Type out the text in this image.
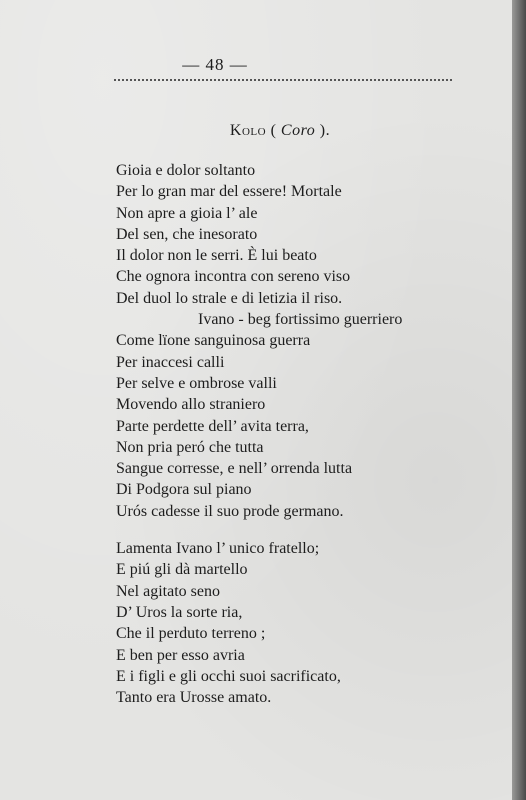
— 48 —
Kolo ( Coro ).
Gioia e dolor soltanto
Per lo gran mar del essere! Mortale
Non apre a gioia l’ ale
Del sen, che inesorato
Il dolor non le serri. È lui beato
Che ognora incontra con sereno viso
Del duol lo strale e di letizia il riso.
Ivano - beg fortissimo guerriero
Come lïone sanguinosa guerra
Per inaccesi calli
Per selve e ombrose valli
Movendo allo straniero
Parte perdette dell’ avita terra,
Non pria peró che tutta
Sangue corresse, e nell’ orrenda lutta
Di Podgora sul piano
Urós cadesse il suo prode germano.
Lamenta Ivano l’ unico fratello;
E piú gli dà martello
Nel agitato seno
D’ Uros la sorte ria,
Che il perduto terreno ;
E ben per esso avria
E i figli e gli occhi suoi sacrificato,
Tanto era Urosse amato.
